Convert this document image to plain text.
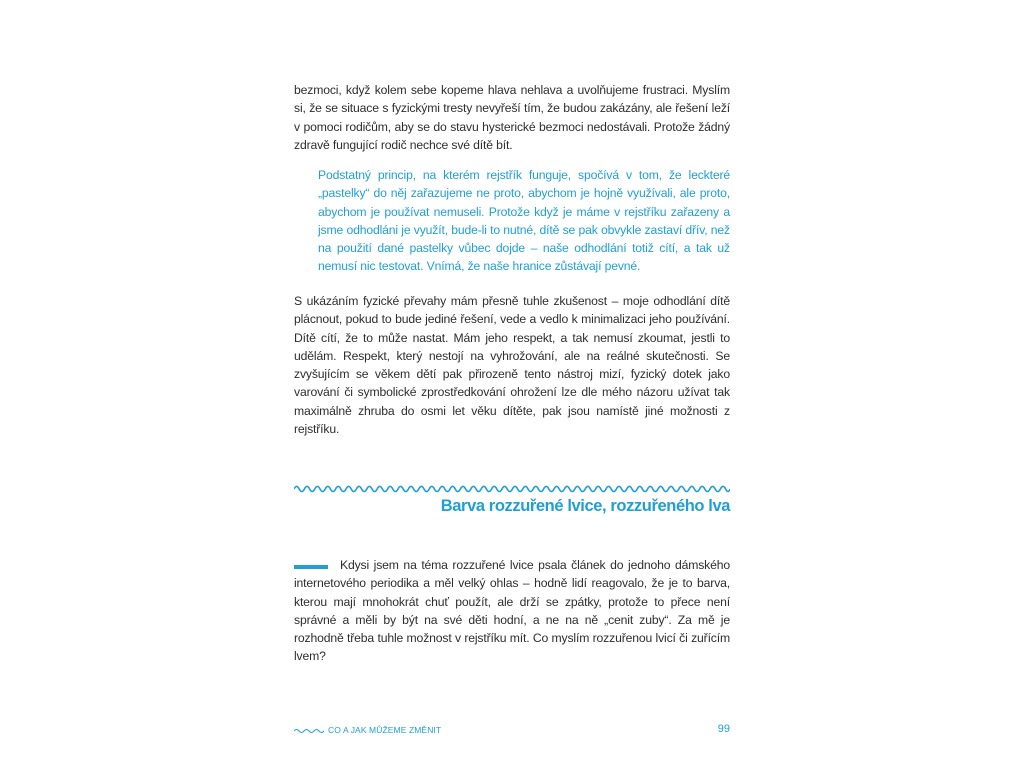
bezmoci, když kolem sebe kopeme hlava nehlava a uvolňujeme frustraci. Myslím si, že se situace s fyzickými tresty nevyřeší tím, že budou zakázány, ale řešení leží v pomoci rodičům, aby se do stavu hysterické bezmoci nedostávali. Protože žádný zdravě fungující rodič nechce své dítě bít.

Podstatný princip, na kterém rejstřík funguje, spočívá v tom, že leckteré „pastelky“ do něj zařazujeme ne proto, abychom je hojně využívali, ale proto, abychom je používat nemuseli. Protože když je máme v rejstříku zařazeny a jsme odhodláni je využít, bude-li to nutné, dítě se pak obvykle zastaví dřív, než na použití dané pastelky vůbec dojde – naše odhodlání totiž cítí, a tak už nemusí nic testovat. Vnímá, že naše hranice zůstávají pevné.

S ukázáním fyzické převahy mám přesně tuhle zkušenost – moje odhodlání dítě plácnout, pokud to bude jediné řešení, vede a vedlo k minimalizaci jeho používání. Dítě cítí, že to může nastat. Mám jeho respekt, a tak nemusí zkoumat, jestli to udělám. Respekt, který nestojí na vyhrožování, ale na reálné skutečnosti. Se zvyšujícím se věkem dětí pak přirozeně tento nástroj mizí, fyzický dotek jako varování či symbolické zprostředkování ohrožení lze dle mého názoru užívat tak maximálně zhruba do osmi let věku dítěte, pak jsou namístě jiné možnosti z rejstříku.

Barva rozzuřené lvice, rozzuřeného lva

Kdysi jsem na téma rozzuřené lvice psala článek do jednoho dámského internetového periodika a měl velký ohlas – hodně lidí reagovalo, že je to barva, kterou mají mnohokrát chuť použít, ale drží se zpátky, protože to přece není správné a měli by být na své děti hodní, a ne na ně „cenit zuby“. Za mě je rozhodně třeba tuhle možnost v rejstříku mít. Co myslím rozzuřenou lvicí či zuřícím lvem?

CO A JAK MŮŽEME ZMĚNIT	99
